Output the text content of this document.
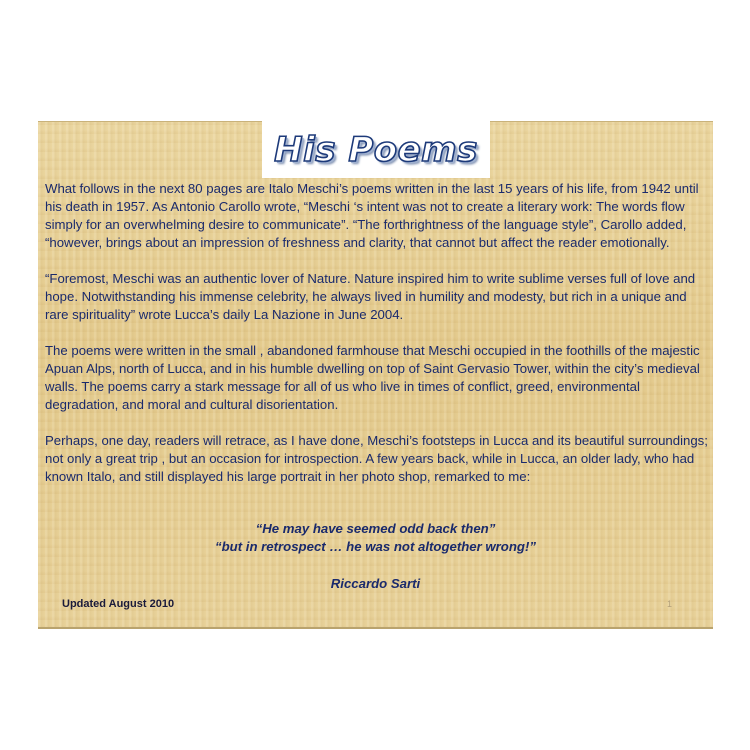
His Poems

What follows in the next 80 pages are Italo Meschi’s poems written in the last 15 years of his life, from 1942 until his death in 1957. As Antonio Carollo wrote, “Meschi ‘s intent was not to create a literary work: The words flow simply for an overwhelming desire to communicate”. “The forthrightness of the language style”, Carollo added, “however, brings about an impression of freshness and clarity, that cannot but affect the reader emotionally.

“Foremost, Meschi was an authentic lover of Nature. Nature inspired him to write sublime verses full of love and hope. Notwithstanding his immense celebrity, he always lived in humility and modesty, but rich in a unique and rare spirituality” wrote Lucca’s daily La Nazione in June 2004.

The poems were written in the small , abandoned farmhouse that Meschi occupied in the foothills of the majestic Apuan Alps, north of Lucca, and in his humble dwelling on top of Saint Gervasio Tower, within the city’s medieval walls. The poems carry a stark message for all of us who live in times of conflict, greed, environmental degradation, and moral and cultural disorientation.

Perhaps, one day, readers will retrace, as I have done, Meschi’s footsteps in Lucca and its beautiful surroundings; not only a great trip , but an occasion for introspection. A few years back, while in Lucca, an older lady, who had known Italo, and still displayed his large portrait in her photo shop, remarked to me:

“He may have seemed odd back then”
“but in retrospect … he was not altogether wrong!”
Riccardo Sarti
Updated August 2010	1
